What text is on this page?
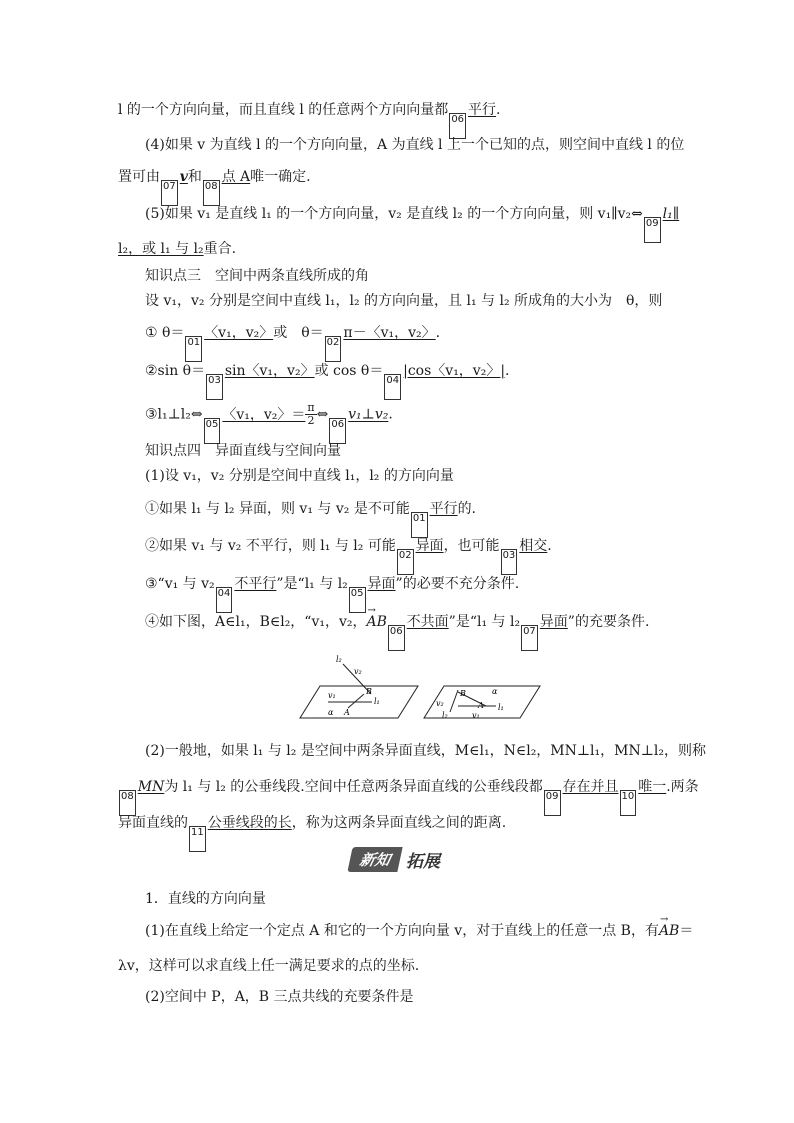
l 的一个方向向量，而且直线 l 的任意两个方向向量都06平行.
(4)如果 v 为直线 l 的一个方向向量，A 为直线 l 上一个已知的点，则空间中直线 l 的位
置可由07v和08点 A唯一确定.
(5)如果 v₁ 是直线 l₁ 的一个方向向量，v₂ 是直线 l₂ 的一个方向向量，则 v₁∥v₂⇔09l₁∥
l₂，或 l₁ 与 l₂重合.
知识点三　空间中两条直线所成的角
设 v₁，v₂ 分别是空间中直线 l₁，l₂ 的方向向量，且 l₁ 与 l₂ 所成角的大小为　θ，则
① θ＝01〈v₁，v₂〉或　θ＝02π－〈v₁，v₂〉.
②sin θ＝03sin〈v₁，v₂〉或 cos θ＝04|cos〈v₁，v₂〉|.
③l₁⊥l₂⇔05〈v₁，v₂〉＝ $\frac{\pi}{2}$ ⇔06v₁⊥v₂.
知识点四　异面直线与空间向量
(1)设 v₁，v₂ 分别是空间中直线 l₁，l₂ 的方向向量
①如果 l₁ 与 l₂ 异面，则 v₁ 与 v₂ 是不可能01平行的.
②如果 v₁ 与 v₂ 不平行，则 l₁ 与 l₂ 可能02异面，也可能03相交.
③“v₁ 与 v₂04不平行”是“l₁ 与 l₂05异面”的必要不充分条件.
④如下图，A∈l₁，B∈l₂，“v₁，v₂，→ AB06不共面”是“l₁ 与 l₂07异面”的充要条件.
l₂
v₂
v₁	B
l₁
α A
B	α
v₂	A l₁
l₂	v₁
(2)一般地，如果 l₁ 与 l₂ 是空间中两条异面直线，M∈l₁，N∈l₂，MN⊥l₁，MN⊥l₂，则称
08MN为 l₁ 与 l₂ 的公垂线段.空间中任意两条异面直线的公垂线段都09存在并且10唯一.两条
异面直线的11公垂线段的长，称为这两条异面直线之间的距离.
新知 拓展
1．直线的方向向量
(1)在直线上给定一个定点 A 和它的一个方向向量 v，对于直线上的任意一点 B，有→ AB＝
λv，这样可以求直线上任一满足要求的点的坐标.
(2)空间中 P，A，B 三点共线的充要条件是
